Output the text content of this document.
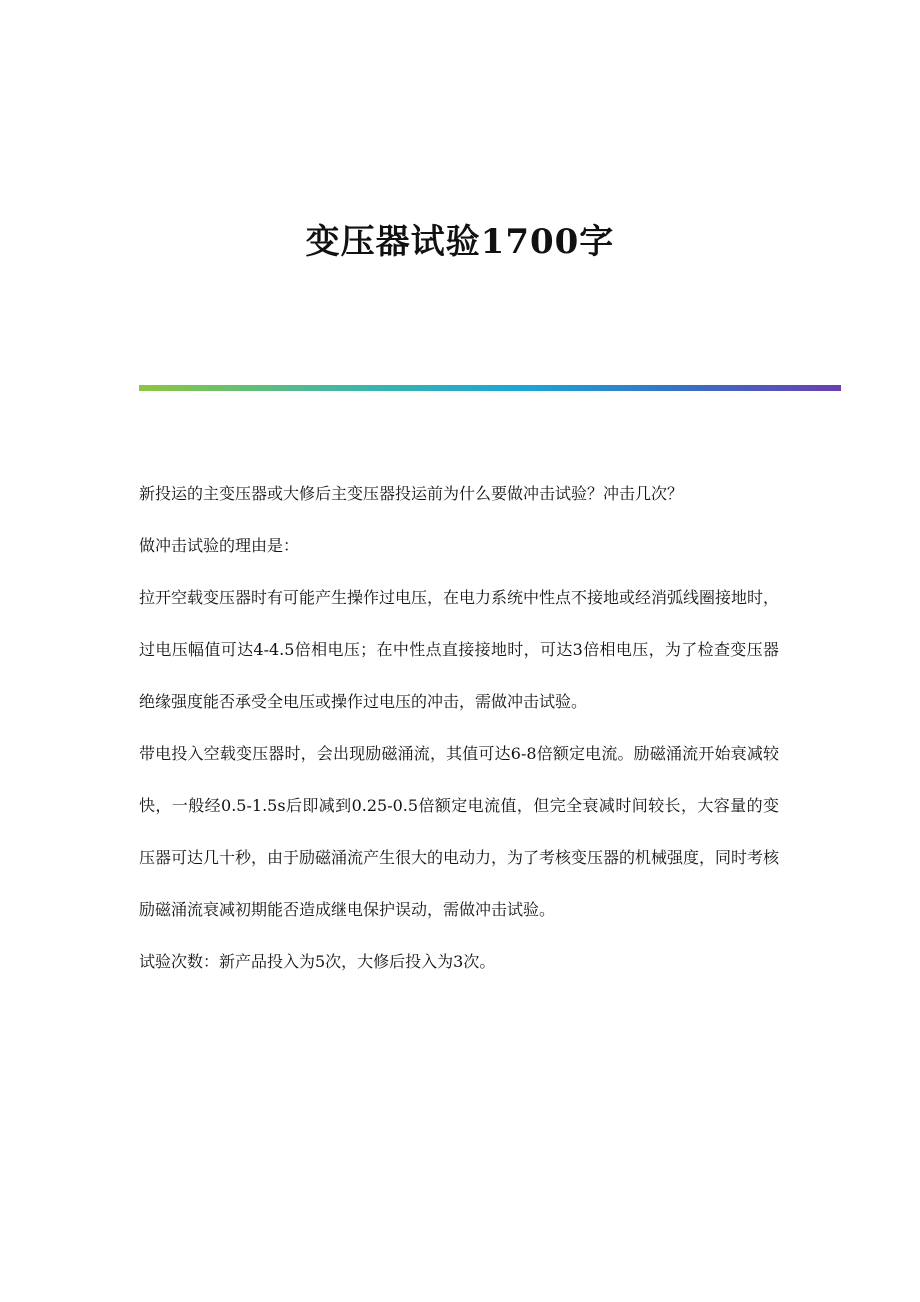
变压器试验1700字

新投运的主变压器或大修后主变压器投运前为什么要做冲击试验？冲击几次？

做冲击试验的理由是：

拉开空载变压器时有可能产生操作过电压，在电力系统中性点不接地或经消弧线圈接地时，过电压幅值可达4-4.5倍相电压；在中性点直接接地时，可达3倍相电压，为了检查变压器绝缘强度能否承受全电压或操作过电压的冲击，需做冲击试验。

带电投入空载变压器时，会出现励磁涌流，其值可达6-8倍额定电流。励磁涌流开始衰减较快，一般经0.5-1.5s后即减到0.25-0.5倍额定电流值，但完全衰减时间较长，大容量的变压器可达几十秒，由于励磁涌流产生很大的电动力，为了考核变压器的机械强度，同时考核励磁涌流衰减初期能否造成继电保护误动，需做冲击试验。

试验次数：新产品投入为5次，大修后投入为3次。
